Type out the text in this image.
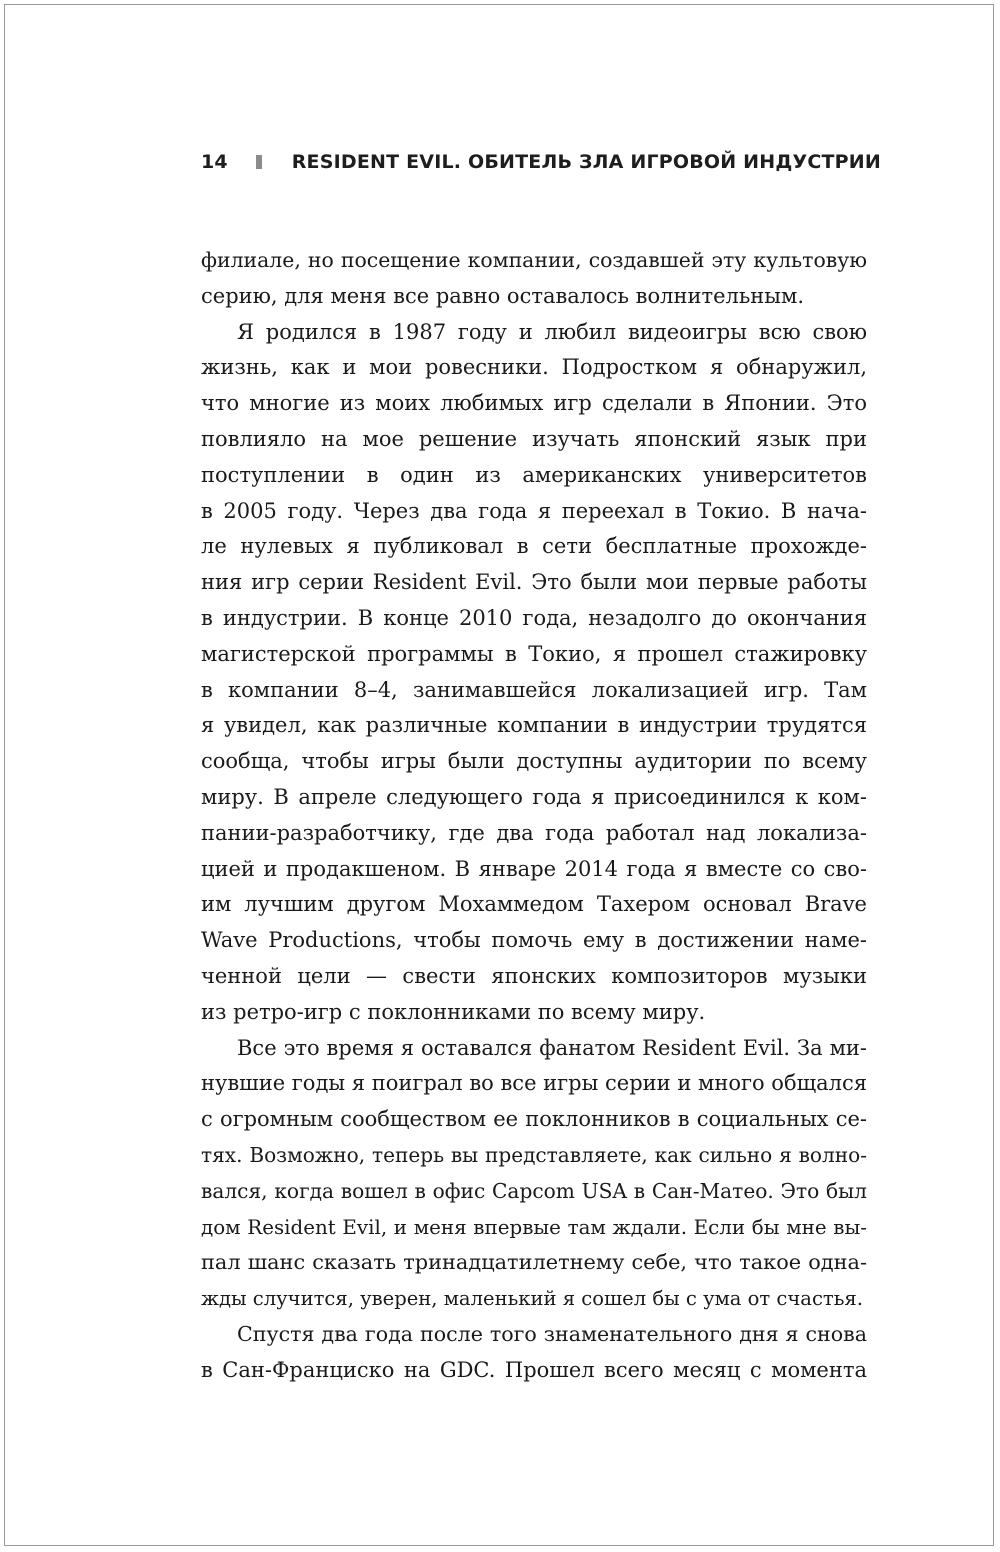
14	RESIDENT EVIL. ОБИТЕЛЬ ЗЛА ИГРОВОЙ ИНДУСТРИИ
филиале, но посещение компании, создавшей эту культовую
серию, для меня все равно оставалось волнительным.
Я родился в 1987 году и любил видеоигры всю свою
жизнь, как и мои ровесники. Подростком я обнаружил,
что многие из моих любимых игр сделали в Японии. Это
повлияло на мое решение изучать японский язык при
поступлении в один из американских университетов
в 2005 году. Через два года я переехал в Токио. В нача-
ле нулевых я публиковал в сети бесплатные прохожде-
ния игр серии Resident Evil. Это были мои первые работы
в индустрии. В конце 2010 года, незадолго до окончания
магистерской программы в Токио, я прошел стажировку
в компании 8–4, занимавшейся локализацией игр. Там
я увидел, как различные компании в индустрии трудятся
сообща, чтобы игры были доступны аудитории по всему
миру. В апреле следующего года я присоединился к ком-
пании-разработчику, где два года работал над локализа-
цией и продакшеном. В январе 2014 года я вместе со сво-
им лучшим другом Мохаммедом Тахером основал Brave
Wave Productions, чтобы помочь ему в достижении наме-
ченной цели — свести японских композиторов музыки
из ретро-игр с поклонниками по всему миру.
Все это время я оставался фанатом Resident Evil. За ми-
нувшие годы я поиграл во все игры серии и много общался
с огромным сообществом ее поклонников в социальных се-
тях. Возможно, теперь вы представляете, как сильно я волно-
вался, когда вошел в офис Capcom USA в Сан-Матео. Это был
дом Resident Evil, и меня впервые там ждали. Если бы мне вы-
пал шанс сказать тринадцатилетнему себе, что такое одна-
жды случится, уверен, маленький я сошел бы с ума от счастья.
Спустя два года после того знаменательного дня я снова
в Сан-Франциско на GDC. Прошел всего месяц с момента
